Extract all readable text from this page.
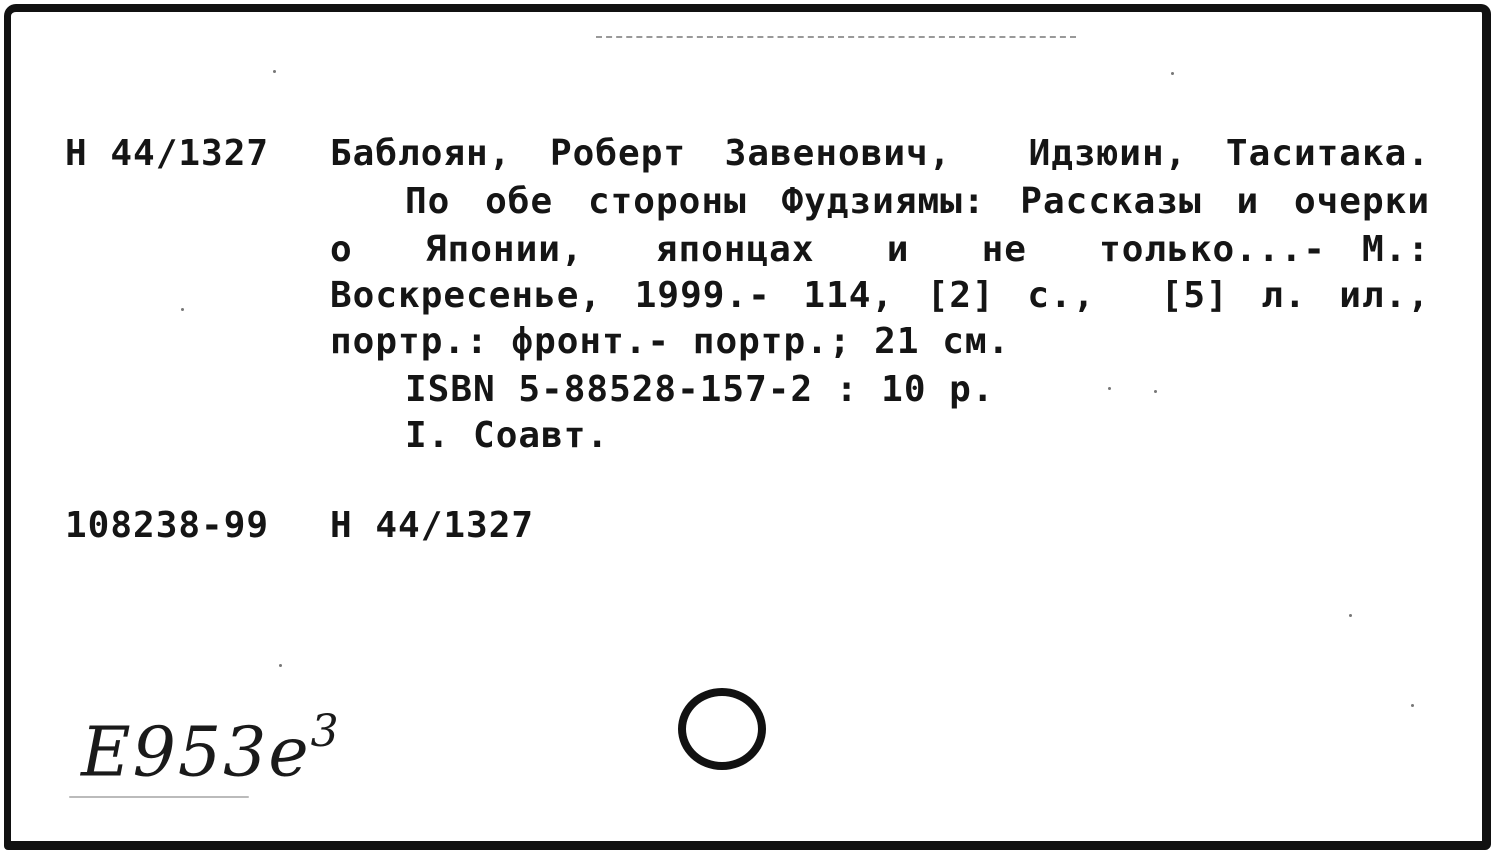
Н 44/1327 Баблоян, Роберт Завенович,  Идзюин, Таситака.
По обе стороны Фудзиямы: Рассказы и очерки
о  Японии,  японцах  и  не  только...- М.:
Воскресенье, 1999.- 114, [2] с.,  [5] л. ил.,
портр.: фронт.- портр.; 21 см.
ISBN 5-88528-157-2 : 10 р.
I. Соавт.
108238-99 Н 44/1327
$Е953е^3$
